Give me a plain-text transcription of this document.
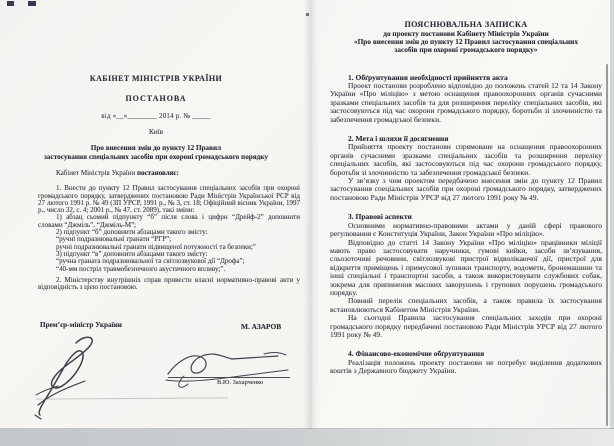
КАБІНЕТ МІНІСТРІВ УКРАЇНИ
ПОСТАНОВА
від «__»________ 2014 р. № _____
Київ
Про внесення змін до пункту 12 Правил
застосування спеціальних засобів при охороні громадського порядку

Кабінет Міністрів України постановляє:

1. Внести до пункту 12 Правил застосування спеціальних засобів при охороні громадського порядку, затверджених постановою Ради Міністрів Української РСР від 27 лютого 1991 р. № 49 (ЗП УРСР, 1991 р., № 3, ст. 18; Офіційний вісник України, 1997 р., число 32, с. 4; 2001 р., № 47, ст. 2089), такі зміни:

1) абзац сьомий підпункту “б” після слова і цифри “Дрейф-2” доповнити словами “Джміль”, “Джміль-М”;

2) підпункт “б” доповнити абзацами такого змісту:

“ручні подразнювальні гранати “РГР”;

ручні подразнювальні гранати підвищеної потужності та безпеки;”

3) підпункт “в” доповнити абзацами такого змісту:

“ручна граната подразнювальної та світлозвукової дії “Дрофа”;

“40-мм постріл травмобезпечного акустичного впливу;”.

2. Міністерству внутрішніх справ привести власні нормативно-правові акти у відповідність з цією постановою.

Прем’єр-міністр України	М. АЗАРОВ
В.Ю. Захарченко
ПОЯСНЮВАЛЬНА ЗАПИСКА
до проекту постанови Кабінету Міністрів України
«Про внесення змін до пункту 12 Правил застосування спеціальних
засобів при охороні громадського порядку»

1. Обґрунтування необхідності прийняття акта

Проект постанови розроблено відповідно до положень статей 12 та 14 Закону України «Про міліцію» з метою оснащення правоохоронних органів сучасними зразками спеціальних засобів та для розширення переліку спеціальних засобів, які застосовуються під час охорони громадського порядку, боротьби зі злочинністю та забезпечення громадської безпеки.

2. Мета і шляхи її досягнення

Прийняття проекту постанови спрямоване на оснащення правоохоронних органів сучасними зразками спеціальних засобів та розширення переліку спеціальних засобів, які застосовуються під час охорони громадського порядку, боротьби зі злочинністю та забезпечення громадської безпеки.

У зв’язку з чим проектом передбачено внесення змін до пункту 12 Правил застосування спеціальних засобів при охороні громадського порядку, затверджених постановою Ради Міністрів УРСР від 27 лютого 1991 року № 49.

3. Правові аспекти

Основними нормативно-правовими актами у даній сфері правового регулювання є Конституція України, Закон України «Про міліцію».

Відповідно до статті 14 Закону України «Про міліцію» працівники міліції мають право застосовувати наручники, гумові кийки, засоби зв’язування, сльозоточиві речовини, світлозвукові пристрої відволікаючої дії, пристрої для відкриття приміщень і примусової зупинки транспорту, водомети, бронемашини та інші спеціальні і транспортні засоби, а також використовувати службових собак, зокрема для припинення масових заворушень і групових порушень громадського порядку.

Повний перелік спеціальних засобів, а також правила їх застосування встановлюються Кабінетом Міністрів України.

На сьогодні Правила застосування спеціальних заходів при охороні громадського порядку передбачені постановою Ради Міністрів УРСР від 27 лютого 1991 року № 49.

4. Фінансово-економічне обґрунтування

Реалізація положень проекту постанови не потребує виділення додаткових коштів з Державного бюджету України.
